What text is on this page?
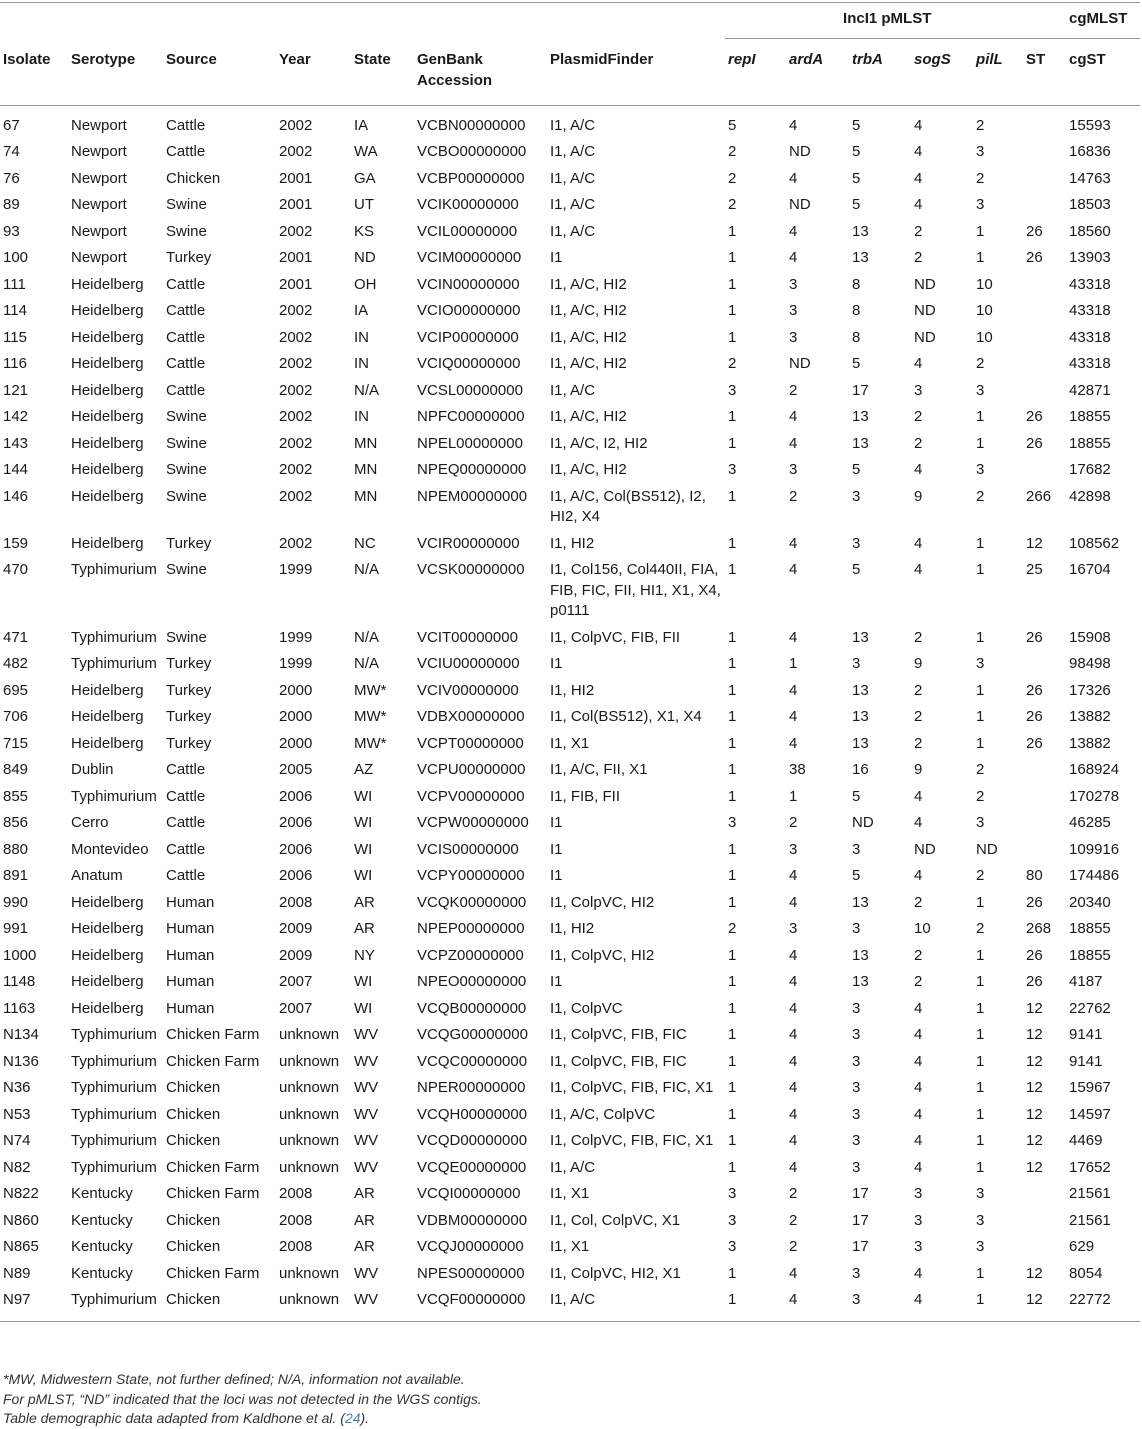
							IncI1 pMLST						cgMLST
Isolate	Serotype	Source	Year	State	GenBank Accession	PlasmidFinder	repI	ardA	trbA	sogS	pilL	ST	cgST
67	Newport	Cattle	2002	IA	VCBN00000000	I1, A/C	5	4	5	4	2		15593
74	Newport	Cattle	2002	WA	VCBO00000000	I1, A/C	2	ND	5	4	3		16836
76	Newport	Chicken	2001	GA	VCBP00000000	I1, A/C	2	4	5	4	2		14763
89	Newport	Swine	2001	UT	VCIK00000000	I1, A/C	2	ND	5	4	3		18503
93	Newport	Swine	2002	KS	VCIL00000000	I1, A/C	1	4	13	2	1	26	18560
100	Newport	Turkey	2001	ND	VCIM00000000	I1	1	4	13	2	1	26	13903
111	Heidelberg	Cattle	2001	OH	VCIN00000000	I1, A/C, HI2	1	3	8	ND	10		43318
114	Heidelberg	Cattle	2002	IA	VCIO00000000	I1, A/C, HI2	1	3	8	ND	10		43318
115	Heidelberg	Cattle	2002	IN	VCIP00000000	I1, A/C, HI2	1	3	8	ND	10		43318
116	Heidelberg	Cattle	2002	IN	VCIQ00000000	I1, A/C, HI2	2	ND	5	4	2		43318
121	Heidelberg	Cattle	2002	N/A	VCSL00000000	I1, A/C	3	2	17	3	3		42871
142	Heidelberg	Swine	2002	IN	NPFC00000000	I1, A/C, HI2	1	4	13	2	1	26	18855
143	Heidelberg	Swine	2002	MN	NPEL00000000	I1, A/C, I2, HI2	1	4	13	2	1	26	18855
144	Heidelberg	Swine	2002	MN	NPEQ00000000	I1, A/C, HI2	3	3	5	4	3		17682
146	Heidelberg	Swine	2002	MN	NPEM00000000	I1, A/C, Col(BS512), I2, HI2, X4	1	2	3	9	2	266	42898
159	Heidelberg	Turkey	2002	NC	VCIR00000000	I1, HI2	1	4	3	4	1	12	108562
470	Typhimurium	Swine	1999	N/A	VCSK00000000	I1, Col156, Col440II, FIA, FIB, FIC, FII, HI1, X1, X4, p0111	1	4	5	4	1	25	16704
471	Typhimurium	Swine	1999	N/A	VCIT00000000	I1, ColpVC, FIB, FII	1	4	13	2	1	26	15908
482	Typhimurium	Turkey	1999	N/A	VCIU00000000	I1	1	1	3	9	3		98498
695	Heidelberg	Turkey	2000	MW*	VCIV00000000	I1, HI2	1	4	13	2	1	26	17326
706	Heidelberg	Turkey	2000	MW*	VDBX00000000	I1, Col(BS512), X1, X4	1	4	13	2	1	26	13882
715	Heidelberg	Turkey	2000	MW*	VCPT00000000	I1, X1	1	4	13	2	1	26	13882
849	Dublin	Cattle	2005	AZ	VCPU00000000	I1, A/C, FII, X1	1	38	16	9	2		168924
855	Typhimurium	Cattle	2006	WI	VCPV00000000	I1, FIB, FII	1	1	5	4	2		170278
856	Cerro	Cattle	2006	WI	VCPW00000000	I1	3	2	ND	4	3		46285
880	Montevideo	Cattle	2006	WI	VCIS00000000	I1	1	3	3	ND	ND		109916
891	Anatum	Cattle	2006	WI	VCPY00000000	I1	1	4	5	4	2	80	174486
990	Heidelberg	Human	2008	AR	VCQK00000000	I1, ColpVC, HI2	1	4	13	2	1	26	20340
991	Heidelberg	Human	2009	AR	NPEP00000000	I1, HI2	2	3	3	10	2	268	18855
1000	Heidelberg	Human	2009	NY	VCPZ00000000	I1, ColpVC, HI2	1	4	13	2	1	26	18855
1148	Heidelberg	Human	2007	WI	NPEO00000000	I1	1	4	13	2	1	26	4187
1163	Heidelberg	Human	2007	WI	VCQB00000000	I1, ColpVC	1	4	3	4	1	12	22762
N134	Typhimurium	Chicken Farm	unknown	WV	VCQG00000000	I1, ColpVC, FIB, FIC	1	4	3	4	1	12	9141
N136	Typhimurium	Chicken Farm	unknown	WV	VCQC00000000	I1, ColpVC, FIB, FIC	1	4	3	4	1	12	9141
N36	Typhimurium	Chicken	unknown	WV	NPER00000000	I1, ColpVC, FIB, FIC, X1	1	4	3	4	1	12	15967
N53	Typhimurium	Chicken	unknown	WV	VCQH00000000	I1, A/C, ColpVC	1	4	3	4	1	12	14597
N74	Typhimurium	Chicken	unknown	WV	VCQD00000000	I1, ColpVC, FIB, FIC, X1	1	4	3	4	1	12	4469
N82	Typhimurium	Chicken Farm	unknown	WV	VCQE00000000	I1, A/C	1	4	3	4	1	12	17652
N822	Kentucky	Chicken Farm	2008	AR	VCQI00000000	I1, X1	3	2	17	3	3		21561
N860	Kentucky	Chicken	2008	AR	VDBM00000000	I1, Col, ColpVC, X1	3	2	17	3	3		21561
N865	Kentucky	Chicken	2008	AR	VCQJ00000000	I1, X1	3	2	17	3	3		629
N89	Kentucky	Chicken Farm	unknown	WV	NPES00000000	I1, ColpVC, HI2, X1	1	4	3	4	1	12	8054
N97	Typhimurium	Chicken	unknown	WV	VCQF00000000	I1, A/C	1	4	3	4	1	12	22772
*MW, Midwestern State, not further defined; N/A, information not available.
For pMLST, “ND” indicated that the loci was not detected in the WGS contigs.
Table demographic data adapted from Kaldhone et al. (24).
